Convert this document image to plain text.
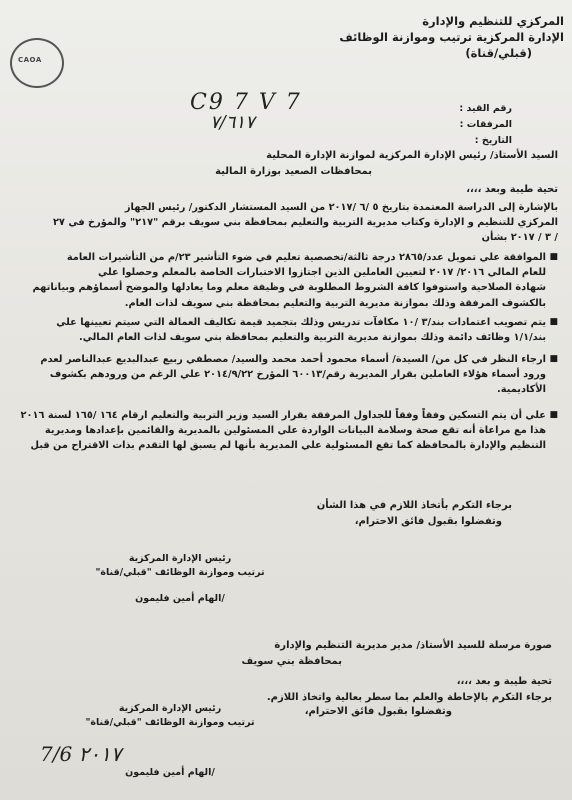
المركزي للتنظيم والإدارة
الإدارة المركزية ترتيب وموازنة الوظائف
(قبلي/قناة)
CAOA
C9 7 V 7
٧/٦١٧
رقم القيد :
المرفقات :
التاريخ :
السيد الأستاذ/ رئيس الإدارة المركزية لموازنة الإدارة المحلية
بمحافظات الصعيد بوزارة المالية
تحية طيبة وبعد ،،،،
بالإشارة إلى الدراسة المعتمدة بتاريخ ٥ /٦ /٢٠١٧ من السيد المستشار الدكتور/ رئيس الجهاز
المركزي للتنظيم و الإدارة وكتاب مديرية التربية والتعليم بمحافظة بني سويف برقم "٢١٧" والمؤرخ في ٢٧
/ ٣ / ٢٠١٧ بشأن
■
الموافقة علي تمويل عدد/٢٨٦٥ درجة ثالثة/تخصصية تعليم في ضوء التأشير ٢٣/م من التأشيرات العامة
للعام المالي ٢٠١٦/ ٢٠١٧ لتعيين العاملين الذين اجتازوا الاختبارات الخاصة بالمعلم وحصلوا علي
شهادة الصلاحية واستوفوا كافة الشروط المطلوبة في وظيفة معلم وما يعادلها والموضح أسماؤهم وبياناتهم
بالكشوف المرفقة وذلك بموازنة مديرية التربية والتعليم بمحافظة بني سويف لذات العام.
■
يتم تصويب اعتمادات بند/٣ /١٠ مكافآت تدريس وذلك بتجميد قيمة تكاليف العمالة التي سيتم تعيينها علي
بند/١/١ وظائف دائمة وذلك بموازنة مديرية التربية والتعليم بمحافظة بني سويف لذات العام المالي.
■
ارجاء النظر في كل من/ السيدة/ أسماء محمود أحمد محمد والسيد/ مصطفي ربيع عبدالبديع عبدالناصر لعدم
ورود أسماء هؤلاء العاملين بقرار المديرية رقم/٦٠٠١٣ المؤرخ ٢٠١٤/٩/٢٢ علي الرغم من ورودهم بكشوف
الأكاديمية.
■
علي أن يتم التسكين وفقاً وفقاً للجداول المرفقة بقرار السيد وزير التربية والتعليم ارقام ١٦٤ /١٦٥ لسنة ٢٠١٦
هذا مع مراعاة أنه تقع صحة وسلامة البيانات الواردة علي المسئولين بالمديرية والقائمين بإعدادها ومديرية
التنظيم والإدارة بالمحافظة كما تقع المسئولية علي المديرية بأنها لم يسبق لها التقدم بذات الاقتراح من قبل
برجاء التكرم بأتخاذ اللازم في هذا الشأن
وتفضلوا بقبول فائق الاحترام،
رئيس الإدارة المركزية
ترتيب وموازنة الوظائف "قبلي/قناة"
/الهام أمين فليمون
صورة مرسلة للسيد الأستاذ/ مدير مديرية التنظيم والإدارة
بمحافظة بني سويف
تحية طيبة و بعد ،،،،
برجاء التكرم بالإحاطة والعلم بما سطر بعالية واتخاذ اللازم.
وتفضلوا بقبول فائق الاحترام،
رئيس الإدارة المركزية
ترتيب وموازنة الوظائف "قبلي/قناة"
/الهام أمين فليمون
7/6 ٢٠١٧
